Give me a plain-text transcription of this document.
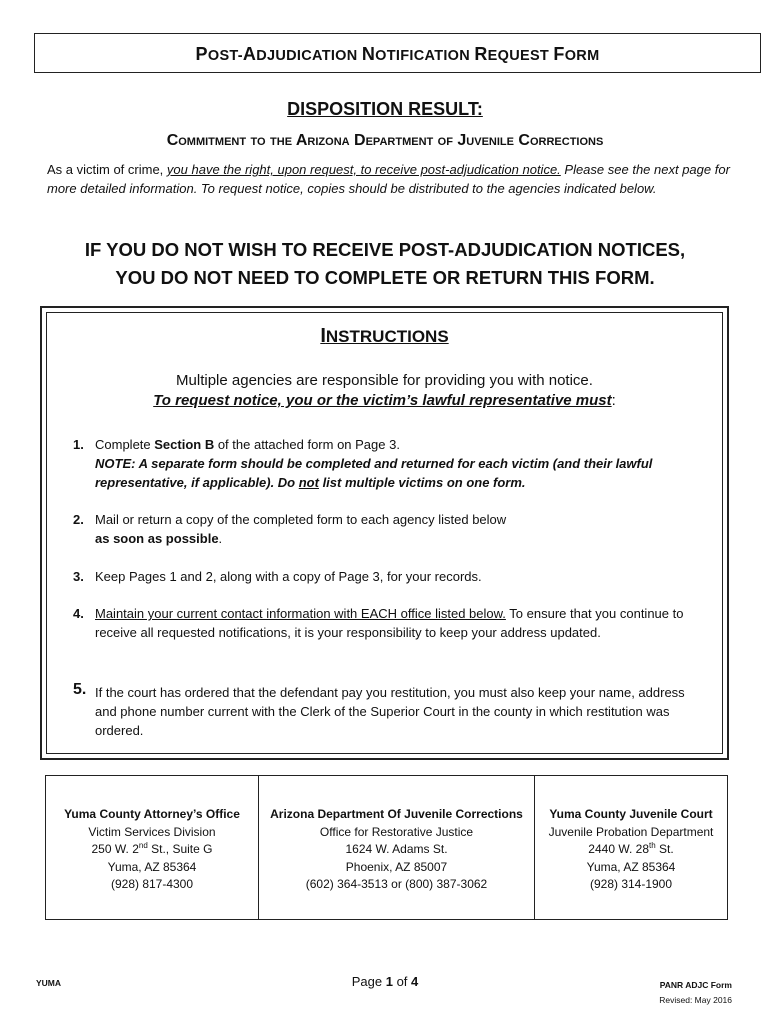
POST-ADJUDICATION NOTIFICATION REQUEST FORM
DISPOSITION RESULT:
Commitment to the Arizona Department of Juvenile Corrections
As a victim of crime, you have the right, upon request, to receive post-adjudication notice. Please see the next page for more detailed information. To request notice, copies should be distributed to the agencies indicated below.
IF YOU DO NOT WISH TO RECEIVE POST-ADJUDICATION NOTICES,
YOU DO NOT NEED TO COMPLETE OR RETURN THIS FORM.
INSTRUCTIONS
Multiple agencies are responsible for providing you with notice.
To request notice, you or the victim’s lawful representative must:
1. Complete Section B of the attached form on Page 3.
NOTE: A separate form should be completed and returned for each victim (and their lawful representative, if applicable). Do not list multiple victims on one form.
2. Mail or return a copy of the completed form to each agency listed below
as soon as possible.
3. Keep Pages 1 and 2, along with a copy of Page 3, for your records.
4. Maintain your current contact information with EACH office listed below. To ensure that you continue to receive all requested notifications, it is your responsibility to keep your address updated.
5. If the court has ordered that the defendant pay you restitution, you must also keep your name, address and phone number current with the Clerk of the Superior Court in the county in which restitution was ordered.
Yuma County Attorney’s Office
Victim Services Division
250 W. 2nd St., Suite G
Yuma, AZ 85364
(928) 817-4300
Arizona Department Of Juvenile Corrections
Office for Restorative Justice
1624 W. Adams St.
Phoenix, AZ 85007
(602) 364-3513 or (800) 387-3062
Yuma County Juvenile Court
Juvenile Probation Department
2440 W. 28th St.
Yuma, AZ 85364
(928) 314-1900
YUMA	Page 1 of 4	PANR ADJC Form
Revised: May 2016
